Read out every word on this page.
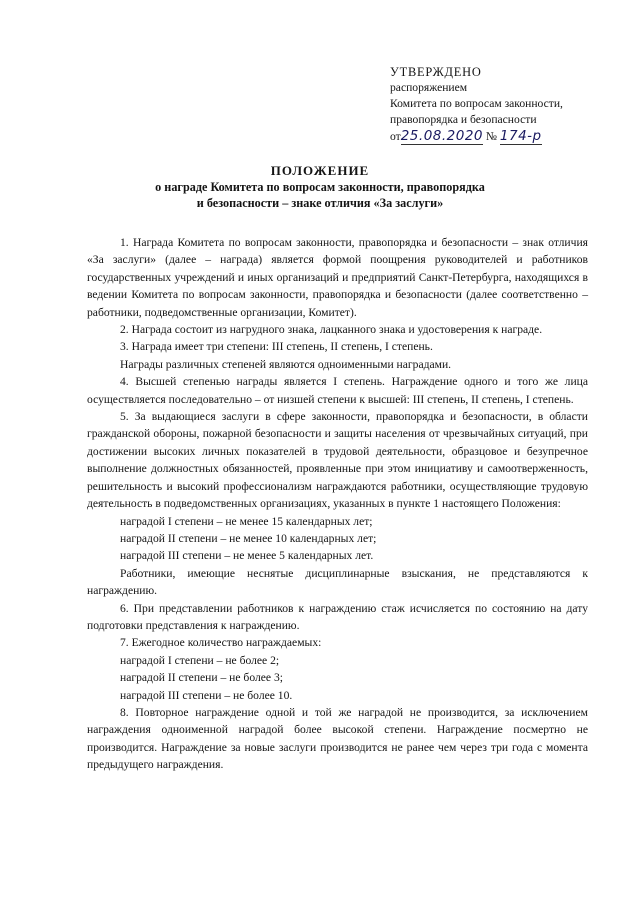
УТВЕРЖДЕНО
распоряжением
Комитета по вопросам законности,
правопорядка и безопасности
от25.08.2020 № 174-р
ПОЛОЖЕНИЕ
о награде Комитета по вопросам законности, правопорядка
и безопасности – знаке отличия «За заслуги»

1. Награда Комитета по вопросам законности, правопорядка и безопасности – знак отличия «За заслуги» (далее – награда) является формой поощрения руководителей и работников государственных учреждений и иных организаций и предприятий Санкт-Петербурга, находящихся в ведении Комитета по вопросам законности, правопорядка и безопасности (далее соответственно – работники, подведомственные организации, Комитет).

2. Награда состоит из нагрудного знака, лацканного знака и удостоверения к награде.

3. Награда имеет три степени: III степень, II степень, I степень.

Награды различных степеней являются одноименными наградами.

4. Высшей степенью награды является I степень. Награждение одного и того же лица осуществляется последовательно – от низшей степени к высшей: III степень, II степень, I степень.

5. За выдающиеся заслуги в сфере законности, правопорядка и безопасности, в области гражданской обороны, пожарной безопасности и защиты населения от чрезвычайных ситуаций, при достижении высоких личных показателей в трудовой деятельности, образцовое и безупречное выполнение должностных обязанностей, проявленные при этом инициативу и самоотверженность, решительность и высокий профессионализм награждаются работники, осуществляющие трудовую деятельность в подведомственных организациях, указанных в пункте 1 настоящего Положения:

наградой I степени – не менее 15 календарных лет;

наградой II степени – не менее 10 календарных лет;

наградой III степени – не менее 5 календарных лет.

Работники, имеющие неснятые дисциплинарные взыскания, не представляются к награждению.

6. При представлении работников к награждению стаж исчисляется по состоянию на дату подготовки представления к награждению.

7. Ежегодное количество награждаемых:

наградой I степени – не более 2;

наградой II степени – не более 3;

наградой III степени – не более 10.

8. Повторное награждение одной и той же наградой не производится, за исключением награждения одноименной наградой более высокой степени. Награждение посмертно не производится. Награждение за новые заслуги производится не ранее чем через три года с момента предыдущего награждения.
